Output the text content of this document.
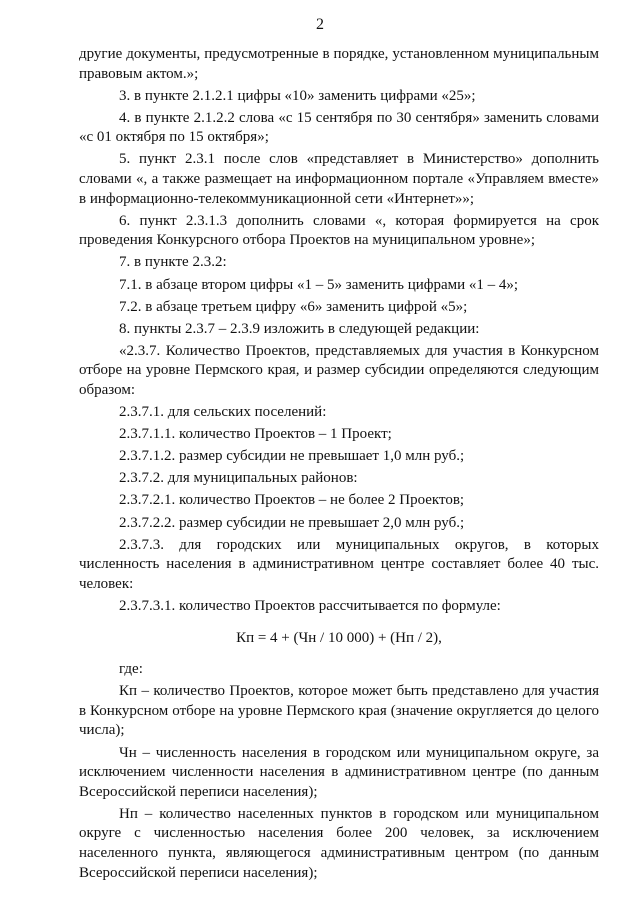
2

другие документы, предусмотренные в порядке, установленном муниципальным правовым актом.»;

3. в пункте 2.1.2.1 цифры «10» заменить цифрами «25»;

4. в пункте 2.1.2.2 слова «с 15 сентября по 30 сентября» заменить словами «с 01 октября по 15 октября»;

5. пункт 2.3.1 после слов «представляет в Министерство» дополнить словами «, а также размещает на информационном портале «Управляем вместе» в информационно-телекоммуникационной сети «Интернет»»;

6. пункт 2.3.1.3 дополнить словами «, которая формируется на срок проведения Конкурсного отбора Проектов на муниципальном уровне»;

7. в пункте 2.3.2:

7.1. в абзаце втором цифры «1 – 5» заменить цифрами «1 – 4»;

7.2. в абзаце третьем цифру «6» заменить цифрой «5»;

8. пункты 2.3.7 – 2.3.9 изложить в следующей редакции:

«2.3.7. Количество Проектов, представляемых для участия в Конкурсном отборе на уровне Пермского края, и размер субсидии определяются следующим образом:

2.3.7.1. для сельских поселений:

2.3.7.1.1. количество Проектов – 1 Проект;

2.3.7.1.2. размер субсидии не превышает 1,0 млн руб.;

2.3.7.2. для муниципальных районов:

2.3.7.2.1. количество Проектов – не более 2 Проектов;

2.3.7.2.2. размер субсидии не превышает 2,0 млн руб.;

2.3.7.3. для городских или муниципальных округов, в которых численность населения в административном центре составляет более 40 тыс. человек:

2.3.7.3.1. количество Проектов рассчитывается по формуле:

Кп = 4 + (Чн / 10 000) + (Нп / 2),

где:

Кп – количество Проектов, которое может быть представлено для участия в Конкурсном отборе на уровне Пермского края (значение округляется до целого числа);

Чн – численность населения в городском или муниципальном округе, за исключением численности населения в административном центре (по данным Всероссийской переписи населения);

Нп – количество населенных пунктов в городском или муниципальном округе с численностью населения более 200 человек, за исключением населенного пункта, являющегося административным центром (по данным Всероссийской переписи населения);
